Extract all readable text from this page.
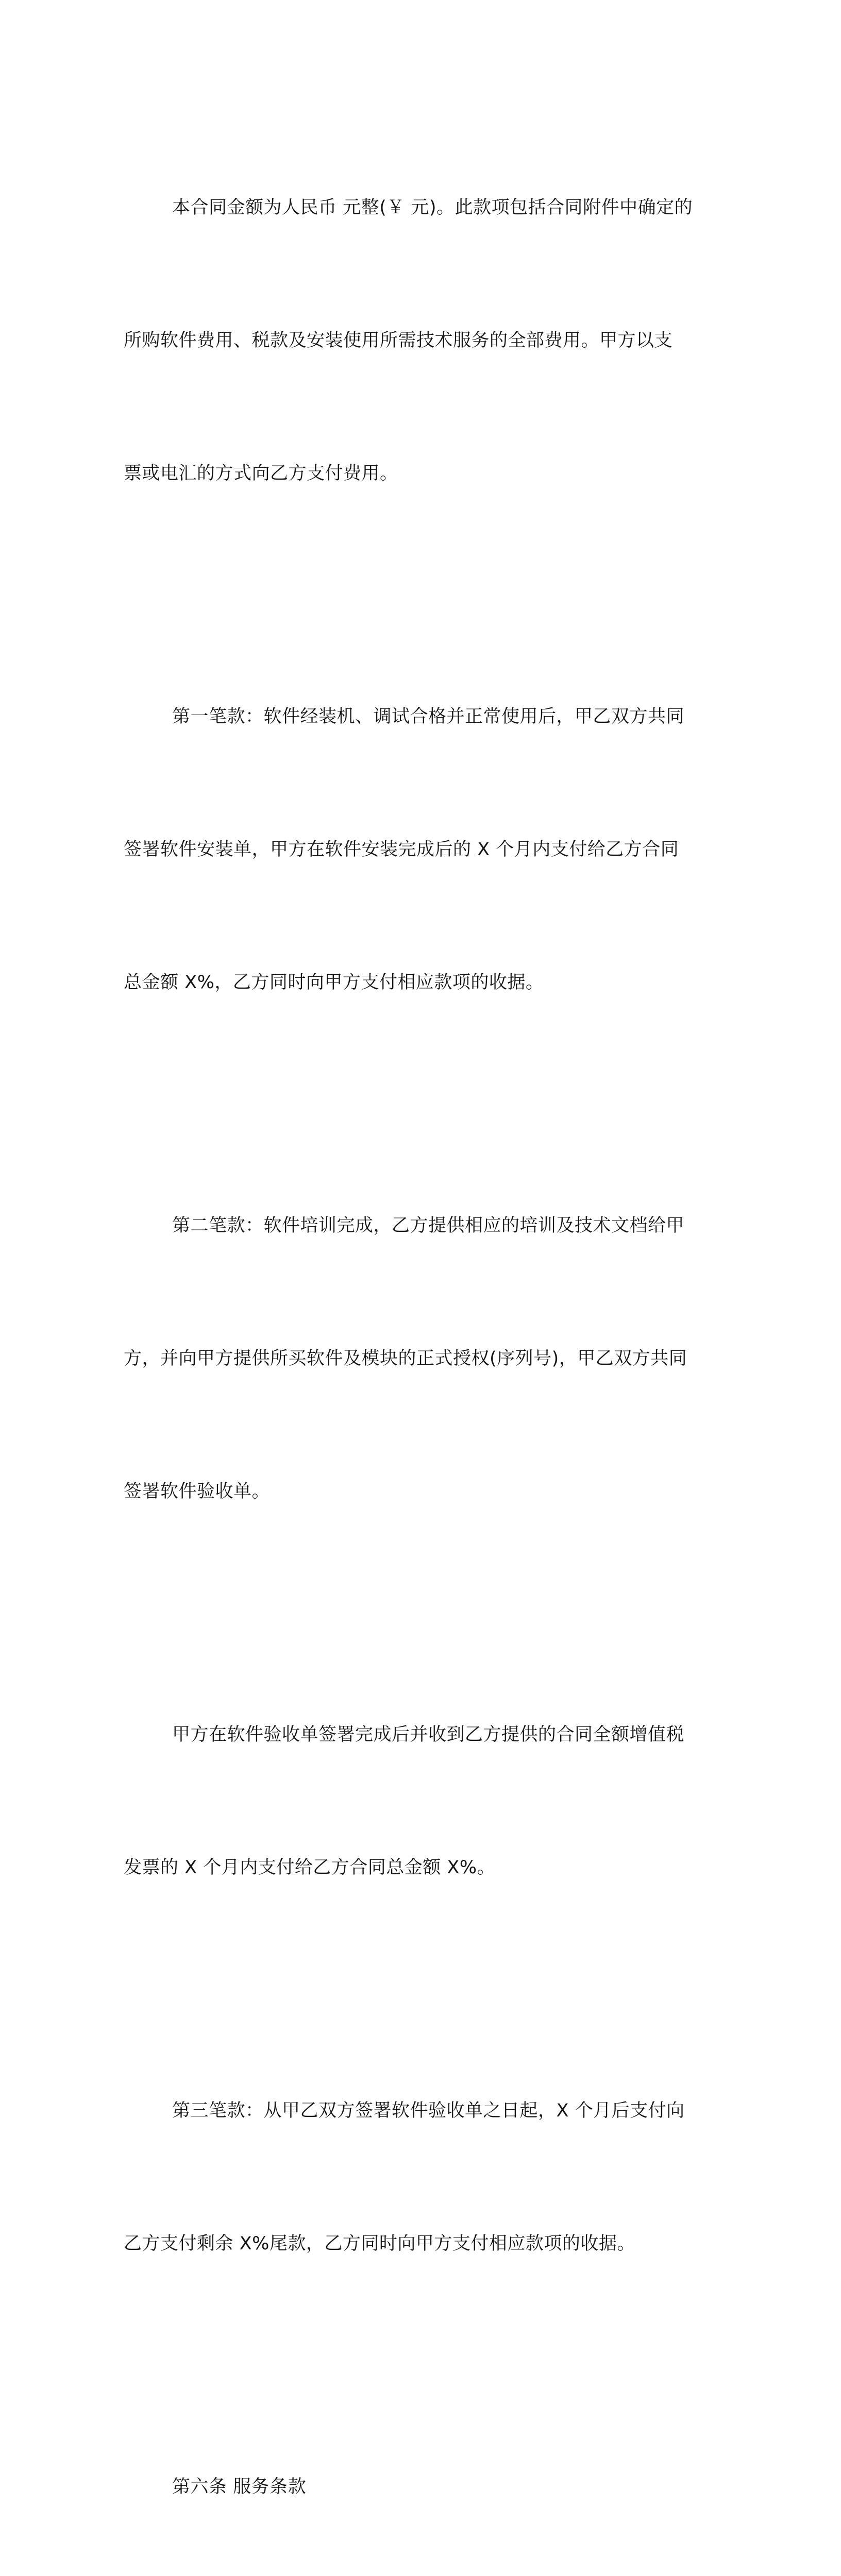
本合同金额为人民币 元整(￥ 元)。此款项包括合同附件中确定的

所购软件费用、税款及安装使用所需技术服务的全部费用。甲方以支

票或电汇的方式向乙方支付费用。

第一笔款：软件经装机、调试合格并正常使用后，甲乙双方共同

签署软件安装单，甲方在软件安装完成后的 X 个月内支付给乙方合同

总金额 X%，乙方同时向甲方支付相应款项的收据。

第二笔款：软件培训完成，乙方提供相应的培训及技术文档给甲

方，并向甲方提供所买软件及模块的正式授权(序列号)，甲乙双方共同

签署软件验收单。

甲方在软件验收单签署完成后并收到乙方提供的合同全额增值税

发票的 X 个月内支付给乙方合同总金额 X%。

第三笔款：从甲乙双方签署软件验收单之日起，X 个月后支付向

乙方支付剩余 X%尾款，乙方同时向甲方支付相应款项的收据。

第六条 服务条款
